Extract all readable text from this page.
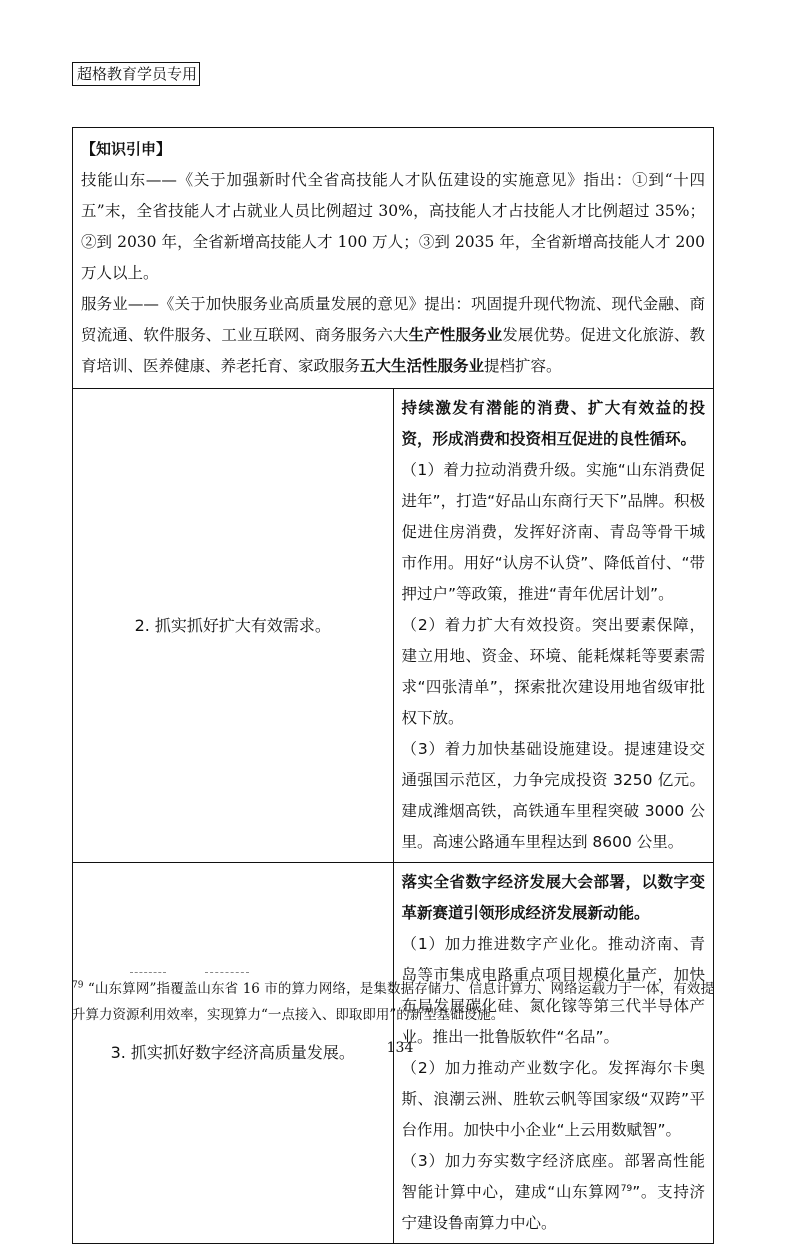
超格教育学员专用
【知识引申】
技能山东——《关于加强新时代全省高技能人才队伍建设的实施意见》指出：①到“十四五”末，全省技能人才占就业人员比例超过 30%，高技能人才占技能人才比例超过 35%；②到 2030 年，全省新增高技能人才 100 万人；③到 2035 年，全省新增高技能人才 200 万人以上。
服务业——《关于加快服务业高质量发展的意见》提出：巩固提升现代物流、现代金融、商贸流通、软件服务、工业互联网、商务服务六大生产性服务业发展优势。促进文化旅游、教育培训、医养健康、养老托育、家政服务五大生活性服务业提档扩容。	

2. 抓实抓好扩大有效需求。	持续激发有潜能的消费、扩大有效益的投资，形成消费和投资相互促进的良性循环。
（1）着力拉动消费升级。实施“山东消费促进年”，打造“好品山东商行天下”品牌。积极促进住房消费，发挥好济南、青岛等骨干城市作用。用好“认房不认贷”、降低首付、“带押过户”等政策，推进“青年优居计划”。
（2）着力扩大有效投资。突出要素保障，建立用地、资金、环境、能耗煤耗等要素需求“四张清单”，探索批次建设用地省级审批权下放。
（3）着力加快基础设施建设。提速建设交通强国示范区，力争完成投资 3250 亿元。建成潍烟高铁，高铁通车里程突破 3000 公里。高速公路通车里程达到 8600 公里。

3. 抓实抓好数字经济高质量发展。	落实全省数字经济发展大会部署，以数字变革新赛道引领形成经济发展新动能。
（1）加力推进数字产业化。推动济南、青岛等市集成电路重点项目规模化量产，加快布局发展碳化硅、氮化镓等第三代半导体产业。推出一批鲁版软件“名品”。
（2）加力推动产业数字化。发挥海尔卡奥斯、浪潮云洲、胜软云帆等国家级“双跨”平台作用。加快中小企业“上云用数赋智”。
（3）加力夯实数字经济底座。部署高性能智能计算中心，建成“山东算网$^{79}$”。支持济宁建设鲁南算力中心。
$^{79}$ “山东算网”指覆盖山东省 16 市的算力网络，是集数据存储力、信息计算力、网络运载力于一体，有效提升算力资源利用效率，实现算力“一点接入、即取即用”的新型基础设施。
134
